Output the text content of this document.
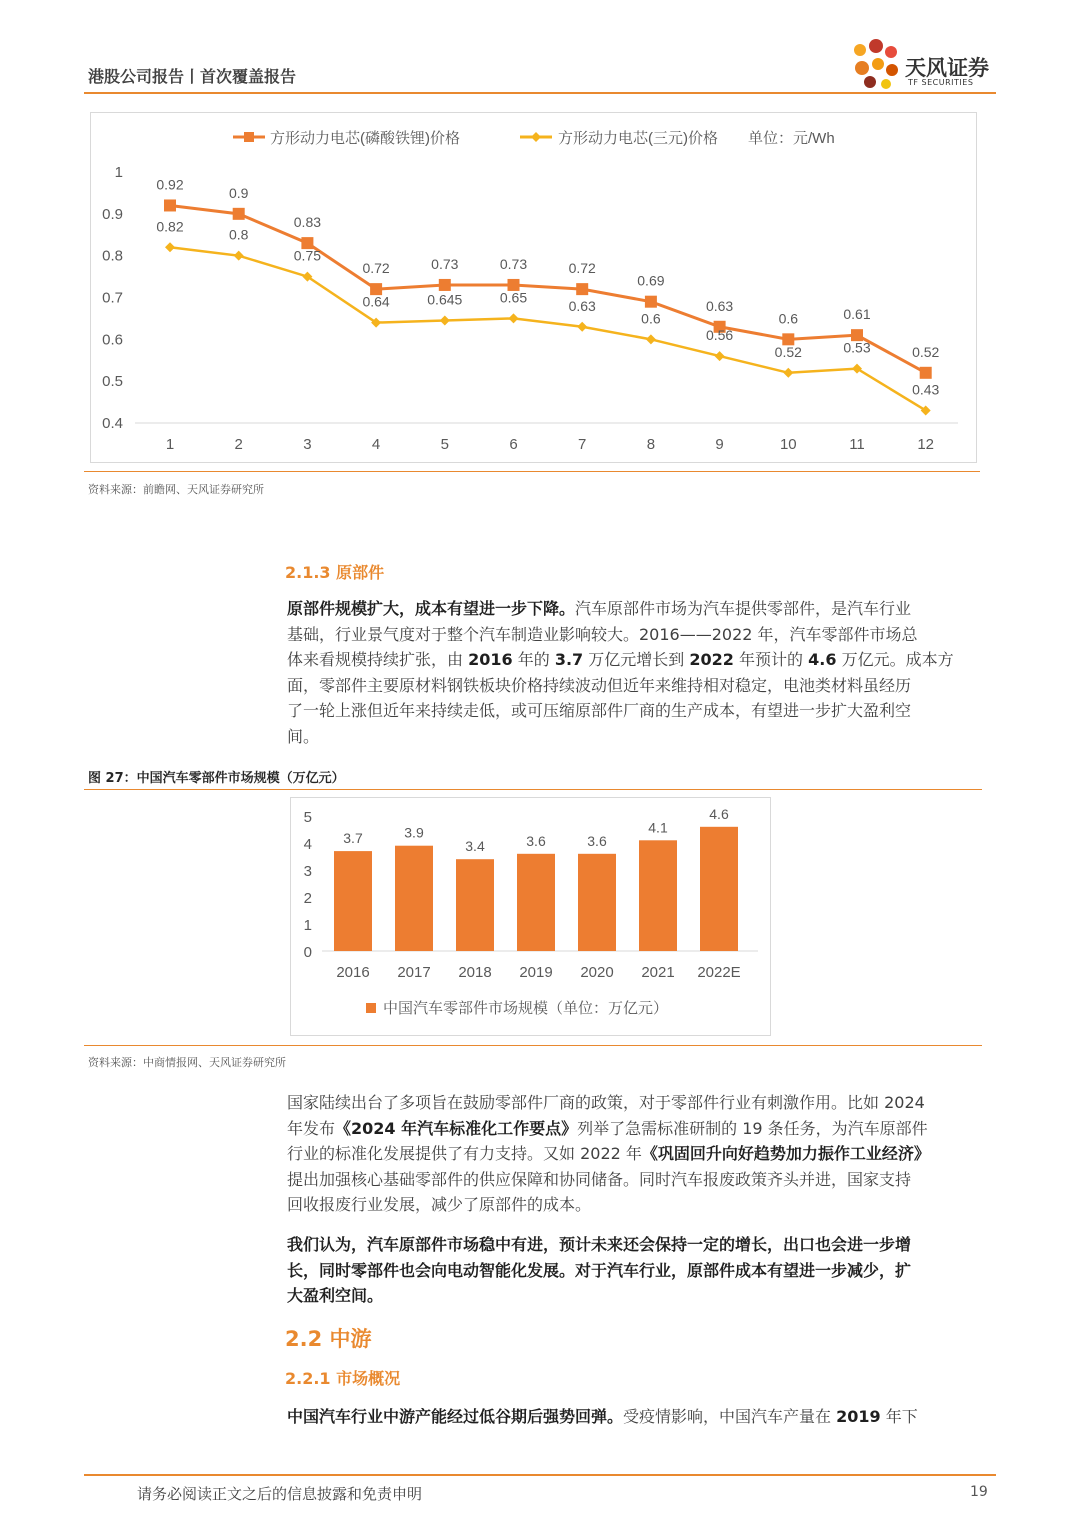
港股公司报告丨首次覆盖报告	天风证券
TF SECURITIES
方形动力电芯(磷酸铁锂)价格	方形动力电芯(三元)价格 单位：元/Wh
0.4
0.5
0.6
0.7
0.8
0.9
1
1	2	3	4	5	6	7	8	9	10	11	12
0.92
0.9
0.83
0.72	0.73	0.73	0.72
0.69
0.63
0.6	0.61
0.52
0.82
0.8
0.75
0.64	0.645	0.65
0.63
0.6
0.56
0.52	0.53
0.43
资料来源：前瞻网、天风证券研究所
2.1.3 原部件
原部件规模扩大，成本有望进一步下降。汽车原部件市场为汽车提供零部件，是汽车行业
基础，行业景气度对于整个汽车制造业影响较大。2016——2022 年，汽车零部件市场总
体来看规模持续扩张，由 2016 年的 3.7 万亿元增长到 2022 年预计的 4.6 万亿元。成本方
面，零部件主要原材料钢铁板块价格持续波动但近年来维持相对稳定，电池类材料虽经历
了一轮上涨但近年来持续走低，或可压缩原部件厂商的生产成本，有望进一步扩大盈利空
间。
图 27：中国汽车零部件市场规模（万亿元）
0
1
2
3
4
5
3.7	3.9
3.4	3.6	3.6
4.1
4.6
2016 2017 2018 2019 2020 2021 2022E
中国汽车零部件市场规模（单位：万亿元）
资料来源：中商情报网、天风证券研究所
国家陆续出台了多项旨在鼓励零部件厂商的政策，对于零部件行业有刺激作用。比如 2024
年发布《2024 年汽车标准化工作要点》列举了急需标准研制的 19 条任务，为汽车原部件
行业的标准化发展提供了有力支持。又如 2022 年《巩固回升向好趋势加力振作工业经济》
提出加强核心基础零部件的供应保障和协同储备。同时汽车报废政策齐头并进，国家支持
回收报废行业发展，减少了原部件的成本。
我们认为，汽车原部件市场稳中有进，预计未来还会保持一定的增长，出口也会进一步增
长，同时零部件也会向电动智能化发展。对于汽车行业，原部件成本有望进一步减少，扩
大盈利空间。
2.2 中游
2.2.1 市场概况
中国汽车行业中游产能经过低谷期后强势回弹。受疫情影响，中国汽车产量在 2019 年下
请务必阅读正文之后的信息披露和免责申明	19
